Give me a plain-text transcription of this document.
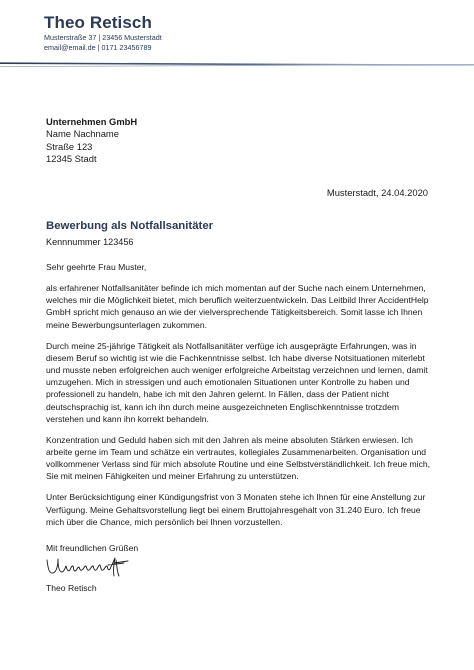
Theo Retisch
Musterstraße 37 | 23456 Musterstadt
email@email.de | 0171 23456789
Unternehmen GmbH
Name Nachname
Straße 123
12345 Stadt
Musterstadt, 24.04.2020
Bewerbung als Notfallsanitäter
Kennnummer 123456

Sehr geehrte Frau Muster,

als erfahrener Notfallsanitäter befinde ich mich momentan auf der Suche nach einem Unternehmen, welches mir die Möglichkeit bietet, mich beruflich weiterzuentwickeln. Das Leitbild Ihrer AccidentHelp GmbH spricht mich genauso an wie der vielversprechende Tätigkeitsbereich. Somit lasse ich Ihnen meine Bewerbungsunterlagen zukommen.

Durch meine 25-jährige Tätigkeit als Notfallsanitäter verfüge ich ausgeprägte Erfahrungen, was in diesem Beruf so wichtig ist wie die Fachkenntnisse selbst. Ich habe diverse Notsituationen miterlebt und musste neben erfolgreichen auch weniger erfolgreiche Arbeitstag verzeichnen und lernen, damit umzugehen. Mich in stressigen und auch emotionalen Situationen unter Kontrolle zu haben und professionell zu handeln, habe ich mit den Jahren gelernt. In Fällen, dass der Patient nicht deutschsprachig ist, kann ich ihn durch meine ausgezeichneten Englischkenntnisse trotzdem verstehen und kann ihn korrekt behandeln.

Konzentration und Geduld haben sich mit den Jahren als meine absoluten Stärken erwiesen. Ich arbeite gerne im Team und schätze ein vertrautes, kollegiales Zusammenarbeiten. Organisation und vollkommener Verlass sind für mich absolute Routine und eine Selbstverständlichkeit. Ich freue mich, Sie mit meinen Fähigkeiten und meiner Erfahrung zu unterstützen.

Unter Berücksichtigung einer Kündigungsfrist von 3 Monaten stehe ich Ihnen für eine Anstellung zur Verfügung. Meine Gehaltsvorstellung liegt bei einem Bruttojahresgehalt von 31.240 Euro. Ich freue mich über die Chance, mich persönlich bei Ihnen vorzustellen.

Mit freundlichen Grüßen
Theo Retisch
